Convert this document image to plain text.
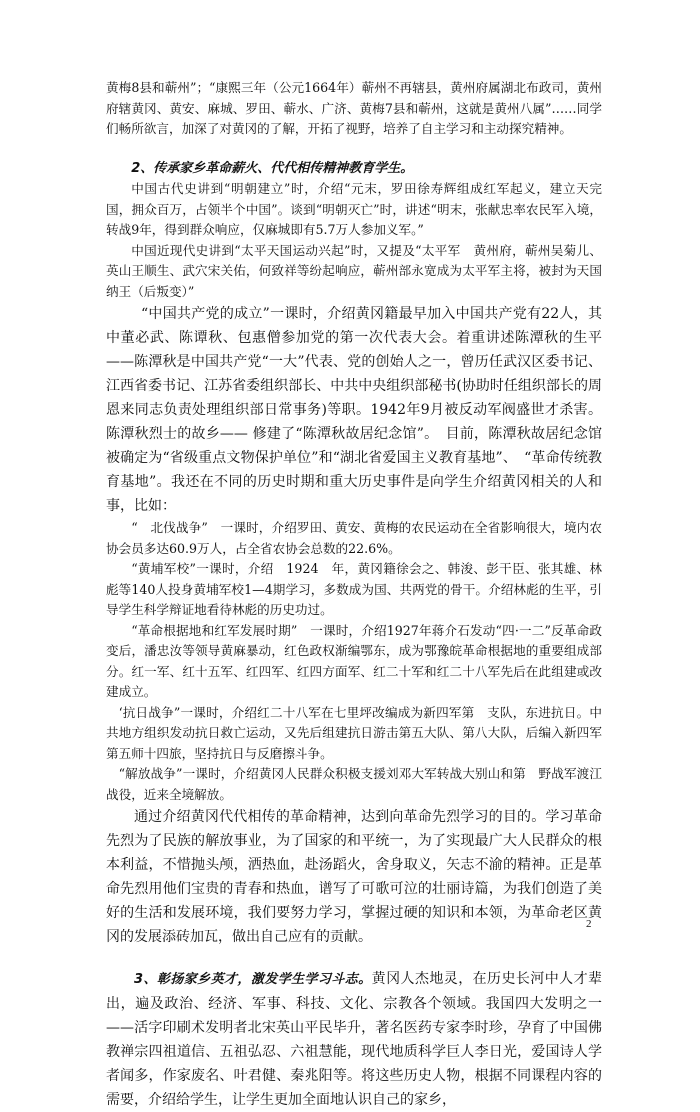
黄梅8县和蕲州”；“康熙三年（公元1664年）蕲州不再辖县，黄州府属湖北布政司，黄州府辖黄冈、黄安、麻城、罗田、蕲水、广济、黄梅7县和蕲州，这就是黄州八属”……同学们畅所欲言，加深了对黄冈的了解，开拓了视野，培养了自主学习和主动探究精神。

2、传承家乡革命薪火、代代相传精神教育学生。

中国古代史讲到“明朝建立”时，介绍“元末，罗田徐寿辉组成红军起义，建立天完国，拥众百万，占领半个中国”。谈到“明朝灭亡”时，讲述“明末，张献忠率农民军入境，转战9年，得到群众响应，仅麻城即有5.7万人参加义军。”

中国近现代史讲到“太平天国运动兴起”时，又提及“太平军　黄州府，蕲州吴菊儿、英山王顺生、武穴宋关佑，何致祥等纷起响应，蕲州部永宽成为太平军主将，被封为天国纳王（后叛变）”

“中国共产党的成立”一课时，介绍黄冈籍最早加入中国共产党有22人，其中董必武、陈谭秋、包惠僧参加党的第一次代表大会。着重讲述陈潭秋的生平——陈潭秋是中国共产党“一大”代表、党的创始人之一，曾历任武汉区委书记、江西省委书记、江苏省委组织部长、中共中央组织部秘书(协助时任组织部长的周恩来同志负责处理组织部日常事务)等职。1942年9月被反动军阀盛世才杀害。陈潭秋烈士的故乡—— 修建了“陈潭秋故居纪念馆”。　目前，陈潭秋故居纪念馆被确定为“省级重点文物保护单位”和“湖北省爱国主义教育基地”、　“革命传统教育基地”。我还在不同的历史时期和重大历史事件是向学生介绍黄冈相关的人和事，比如：

“　北伐战争”　一课时，介绍罗田、黄安、黄梅的农民运动在全省影响很大，境内农协会员多达60.9万人，占全省农协会总数的22.6%。

“黄埔军校”一课时，介绍　1924　年，黄冈籍徐会之、韩浚、彭干臣、张其雄、林彪等140人投身黄埔军校1—4期学习，多数成为国、共两党的骨干。介绍林彪的生平，引导学生科学辩证地看待林彪的历史功过。

“革命根据地和红军发展时期”　一课时，介绍1927年蒋介石发动“四·一二”反革命政变后，潘忠汝等领导黄麻暴动，红色政权渐编鄂东，成为鄂豫皖革命根据地的重要组成部分。红一军、红十五军、红四军、红四方面军、红二十军和红二十八军先后在此组建或改建成立。

‘抗日战争”一课时，介绍红二十八军在七里坪改编成为新四军第　支队，东进抗日。中共地方组织发动抗日救亡运动，又先后组建抗日游击第五大队、第八大队，后编入新四军第五师十四旅，坚持抗日与反磨擦斗争。

“解放战争”一课时，介绍黄冈人民群众积极支援刘邓大军转战大别山和第　野战军渡江战役，近来全境解放。

通过介绍黄冈代代相传的革命精神，达到向革命先烈学习的目的。学习革命先烈为了民族的解放事业，为了国家的和平统一，为了实现最广大人民群众的根本利益，不惜抛头颅，洒热血，赴汤蹈火，舍身取义，矢志不渝的精神。正是革命先烈用他们宝贵的青春和热血，谱写了可歌可泣的壮丽诗篇，为我们创造了美好的生活和发展环境，我们要努力学习，掌握过硬的知识和本领，为革命老区黄冈的发展添砖加瓦，做出自己应有的贡献。

3、彰扬家乡英才，激发学生学习斗志。黄冈人杰地灵，在历史长河中人才辈出，遍及政治、经济、军事、科技、文化、宗教各个领域。我国四大发明之一——活字印刷术发明者北宋英山平民毕升，著名医药专家李时珍，孕育了中国佛教禅宗四祖道信、五祖弘忍、六祖慧能，现代地质科学巨人李日光，爱国诗人学者闻多，作家废名、叶君健、秦兆阳等。将这些历史人物，根据不同课程内容的需要，介绍给学生，让学生更加全面地认识自己的家乡，

2
